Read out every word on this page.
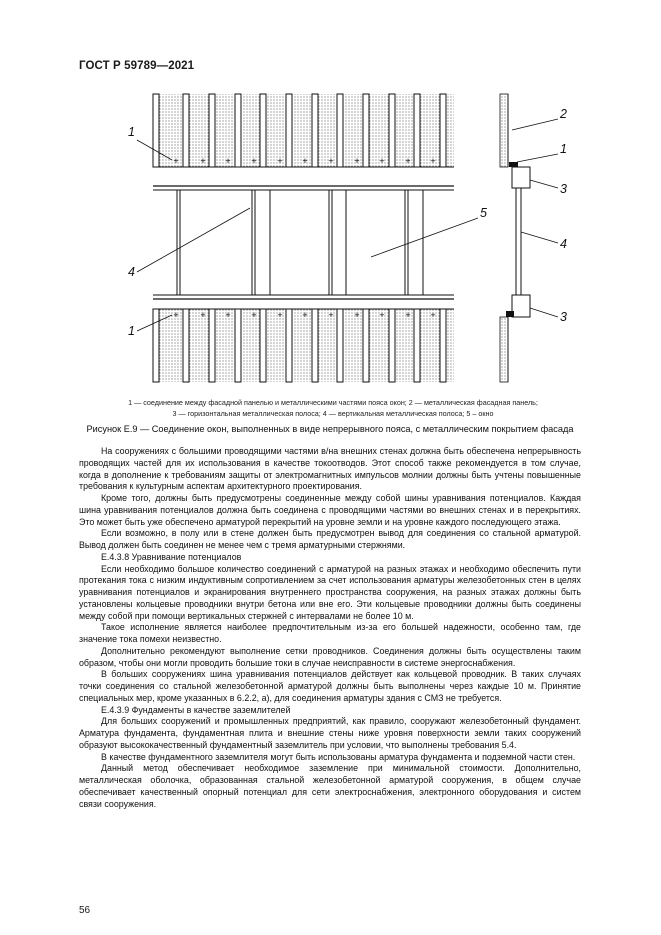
ГОСТ Р 59789—2021
+ + + + + + + + + + +
+ + + + + + + + + + +
1
4
1
5
2
1
3
4
3
1 — соединение между фасадной панелью и металлическими частями пояса окон; 2 — металлическая фасадная панель;
3 — горизонтальная металлическая полоса; 4 — вертикальная металлическая полоса; 5 – окно
Рисунок Е.9 — Соединение окон, выполненных в виде непрерывного пояса, с металлическим покрытием фасада

На сооружениях с большими проводящими частями в/на внешних стенах должна быть обеспечена непрерывность проводящих частей для их использования в качестве токоотводов. Этот способ также рекомендуется в том случае, когда в дополнение к требованиям защиты от электромагнитных импульсов молнии должны быть учтены повышенные требования к культурным аспектам архитектурного проектирования.

Кроме того, должны быть предусмотрены соединенные между собой шины уравнивания потенциалов. Каждая шина уравнивания потенциалов должна быть соединена с проводящими частями во внешних стенах и в перекрытиях. Это может быть уже обеспечено арматурой перекрытий на уровне земли и на уровне каждого последующего этажа.

Если возможно, в полу или в стене должен быть предусмотрен вывод для соединения со стальной арматурой. Вывод должен быть соединен не менее чем с тремя арматурными стержнями.

Е.4.3.8 Уравнивание потенциалов

Если необходимо большое количество соединений с арматурой на разных этажах и необходимо обеспечить пути протекания тока с низким индуктивным сопротивлением за счет использования арматуры железобетонных стен в целях уравнивания потенциалов и экранирования внутреннего пространства сооружения, на разных этажах должны быть установлены кольцевые проводники внутри бетона или вне его. Эти кольцевые проводники должны быть соединены между собой при помощи вертикальных стержней с интервалами не более 10 м.

Такое исполнение является наиболее предпочтительным из-за его большей надежности, особенно там, где значение тока помехи неизвестно.

Дополнительно рекомендуют выполнение сетки проводников. Соединения должны быть осуществлены таким образом, чтобы они могли проводить большие токи в случае неисправности в системе энергоснабжения.

В больших сооружениях шина уравнивания потенциалов действует как кольцевой проводник. В таких случаях точки соединения со стальной железобетонной арматурой должны быть выполнены через каждые 10 м. Принятие специальных мер, кроме указанных в 6.2.2, а), для соединения арматуры здания с СМЗ не требуется.

Е.4.3.9 Фундаменты в качестве заземлителей

Для больших сооружений и промышленных предприятий, как правило, сооружают железобетонный фундамент. Арматура фундамента, фундаментная плита и внешние стены ниже уровня поверхности земли таких сооружений образуют высококачественный фундаментный заземлитель при условии, что выполнены требования 5.4.

В качестве фундаментного заземлителя могут быть использованы арматура фундамента и подземной части стен.

Данный метод обеспечивает необходимое заземление при минимальной стоимости. Дополнительно, металлическая оболочка, образованная стальной железобетонной арматурой сооружения, в общем случае обеспечивает качественный опорный потенциал для сети электроснабжения, электронного оборудования и систем связи сооружения.

56
